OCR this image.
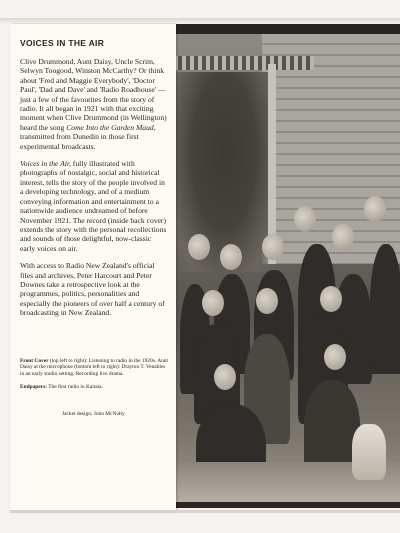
VOICES IN THE AIR

Clive Drummond, Aunt Daisy, Uncle Scrim, Selwyn Toogood, Winston McCarthy? Or think about 'Fred and Maggie Everybody', 'Doctor Paul', 'Dad and Dave' and 'Radio Roadhouse' — just a few of the favourites from the story of radio. It all began in 1921 with that exciting moment when Clive Drummond (in Wellington) heard the song Come Into the Garden Maud, transmitted from Dunedin in those first experimental broadcasts.

Voices in the Air, fully illustrated with photographs of nostalgic, social and historical interest, tells the story of the people involved in a developing technology, and of a medium conveying information and entertainment to a nationwide audience undreamed of before November 1921. The record (inside back cover) extends the story with the personal recollections and sounds of those delightful, now-classic early voices on air.

With access to Radio New Zealand's official files and archives, Peter Harcourt and Peter Downes take a retrospective look at the programmes, politics, personalities and especially the pioneers of over half a century of broadcasting in New Zealand.

Front Cover (top left to right): Listening to radio in the 1920s. Aunt Daisy at the microphone (bottom left to right): Drayton T. Venables in an early studio setting. Recording live drama.
Endpapers: The first radio in Kaitaia.
Jacket design: John McNulty
